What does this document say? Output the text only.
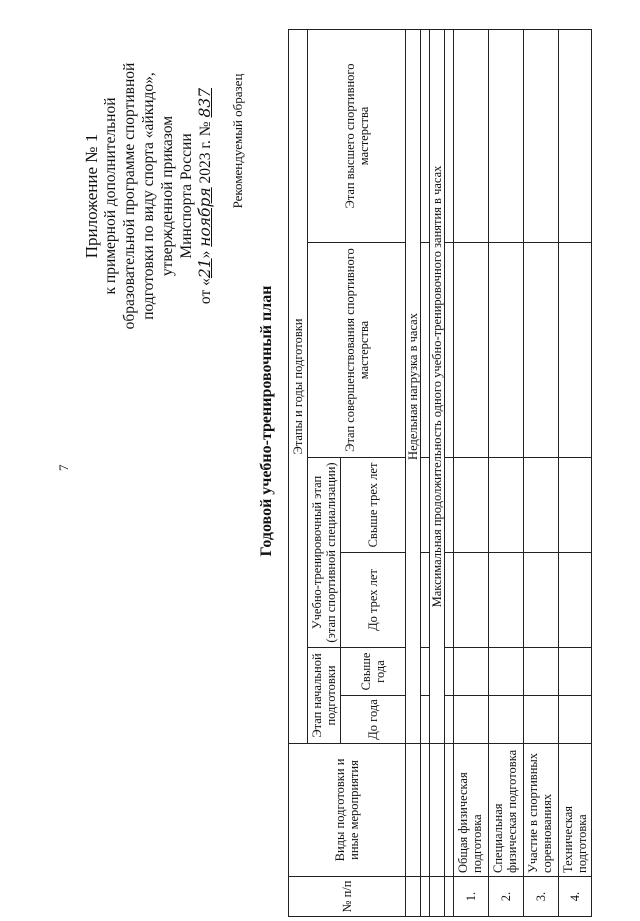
7
Приложение № 1 к примерной дополнительной образовательной программе спортивной подготовки по виду спорта «айкидо», утвержденной приказом Минспорта России
от «21» ноября 2023 г. № 837 Рекомендуемый образец
Годовой учебно-тренировочный план
№ п/п	Виды подготовки и иные мероприятия	Этапы и годы подготовки					
		Этап начальной подготовки		Учебно-тренировочный этап (этап спортивной специализации)		Этап совершенствования спортивного мастерства	Этап высшего спортивного мастерства
		До года	Свыше года	До трех лет	Свыше трех лет		
		Недельная нагрузка в часах					

		Максимальная продолжительность одного учебно-тренировочного занятия в часах					

1.	Общая физическая подготовка						
2.	Специальная физическая подготовка						
3.	Участие в спортивных соревнованиях						
4.	Техническая подготовка						
